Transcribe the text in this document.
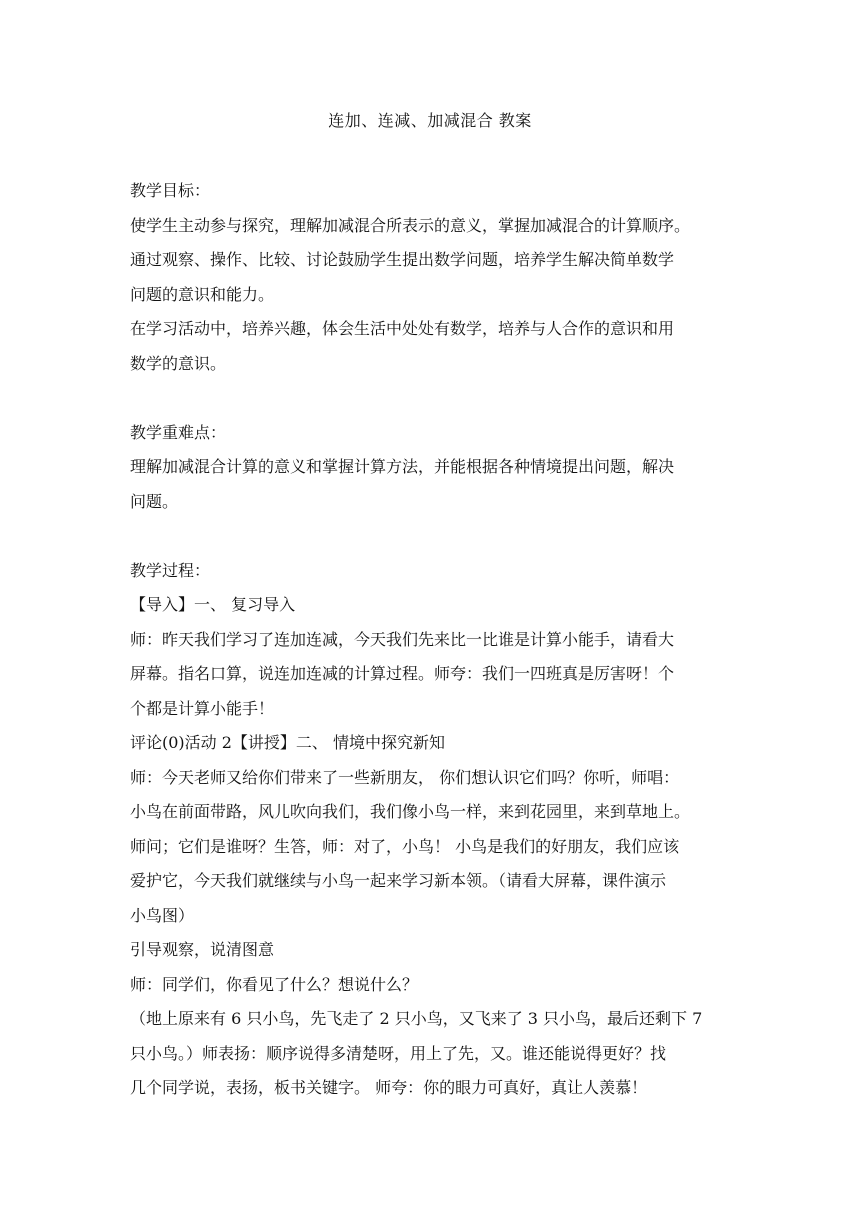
连加、连减、加减混合 教案
教学目标：
使学生主动参与探究，理解加减混合所表示的意义，掌握加减混合的计算顺序。
通过观察、操作、比较、讨论鼓励学生提出数学问题，培养学生解决简单数学
问题的意识和能力。
在学习活动中，培养兴趣，体会生活中处处有数学，培养与人合作的意识和用
数学的意识。
教学重难点：
理解加减混合计算的意义和掌握计算方法，并能根据各种情境提出问题，解决
问题。
教学过程：
【导入】一、 复习导入
师：昨天我们学习了连加连减，今天我们先来比一比谁是计算小能手，请看大
屏幕。指名口算，说连加连减的计算过程。师夸：我们一四班真是厉害呀！个
个都是计算小能手！
评论(0)活动 2【讲授】二、 情境中探究新知
师：今天老师又给你们带来了一些新朋友， 你们想认识它们吗？你听，师唱：
小鸟在前面带路，风儿吹向我们，我们像小鸟一样，来到花园里，来到草地上。
师问；它们是谁呀？生答，师：对了，小鸟！ 小鸟是我们的好朋友，我们应该
爱护它，今天我们就继续与小鸟一起来学习新本领。（请看大屏幕，课件演示
小鸟图）
引导观察，说清图意
师：同学们，你看见了什么？想说什么？
（地上原来有 6 只小鸟，先飞走了 2 只小鸟，又飞来了 3 只小鸟，最后还剩下 7
只小鸟。）师表扬：顺序说得多清楚呀，用上了先，又。谁还能说得更好？找
几个同学说，表扬，板书关键字。 师夸：你的眼力可真好，真让人羡慕！
